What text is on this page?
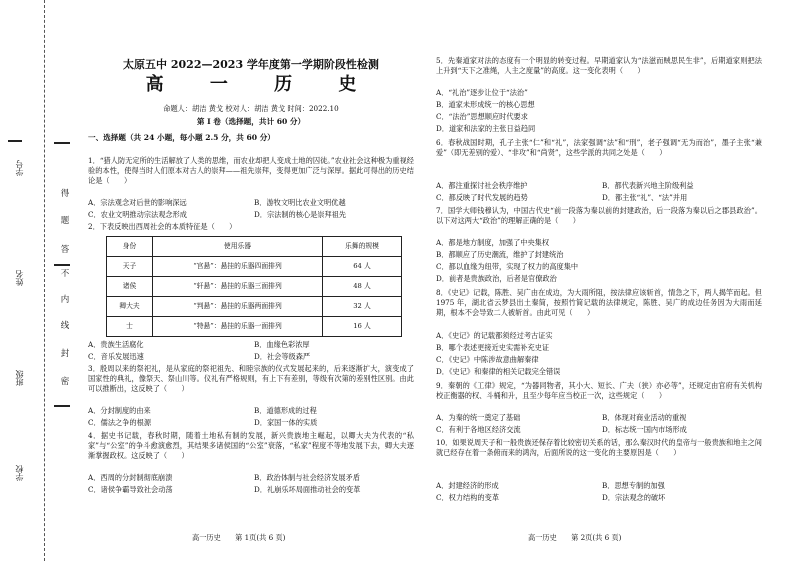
学号
姓名
班级
学校
题
答
不
内
线
封
密
得
太原五中 2022—2023 学年度第一学期阶段性检测
高 一 历 史
命题人：胡洁 黄戈 校对人：胡洁 黄戈 时间：2022.10
第 I 卷（选择题，共计 60 分）
一、选择题（共 24 小题，每小题 2.5 分，共 60 分）
1．“猎人防无定所的生活解放了人类的思维，而农业却把人变成土地的囚徒。”农业社会这种极为重视经验的本性，使得当时人们原本对古人的崇拜——祖先崇拜，变得更加广泛与深厚。据此可得出的历史结论是（　　）
A．宗法观念对后世的影响深远	B．游牧文明比农业文明优越
C．农业文明推动宗法观念形成	D．宗法制的核心是崇拜祖先
2．下表反映出西周社会的本质特征是（　　）
身份	使用乐器	乐舞的规模
天子	“宫悬”：悬挂的乐器四面排列	64 人
诸侯	“轩悬”：悬挂的乐器三面排列	48 人
卿大夫	“判悬”：悬挂的乐器两面排列	32 人
士	“特悬”：悬挂的乐器一面排列	16 人
A．贵族生活腐化	B．血缘色彩浓厚
C．音乐发展迅速	D．社会等级森严
3．殷周以来的祭祀礼，是从家庭的祭祀祖先、和睦宗族的仪式发展起来的，后来逐渐扩大，演变成了国家性的典礼，像祭天、祭山川等。仪礼有严格规则，有上下有差别，等级有次第的差别性区别。由此可以推断出，这反映了（　　）
A．分封制度的由来	B．道德形成的过程
C．儒法之争的根源	D．家国一体的实质
4．据史书记载，春秋时期，随着土地私有制的发展，新兴贵族地主崛起，以卿大夫为代表的“私家”与“公室”的争斗愈演愈烈，其结果多诸侯国的“公室”衰落，“私家”程度不等地发展下去，卿大夫逐渐掌握政权。这反映了（　　）
A．西周的分封制彻底崩溃	B．政治体制与社会经济发展矛盾
C．诸侯争霸导致社会动荡	D．礼崩乐坏局面推动社会的变革
高一历史　　第 1页(共 6 页)
5．先秦道家对法的态度有一个明显的转变过程。早期道家认为“法滋而贼思民生非”，后期道家则把法上升到“天下之准绳，人主之度量”的高度。这一变化表明（　　）
A．“礼治”逐步让位于“法治”
B．道家未形成统一的核心思想
C．“法治”思想顺应时代要求
D．道家和法家的主张日益趋同
6．春秋战国时期，孔子主张“仁”和“礼”，法家强调“法”和“刑”，老子强调“无为而治”，墨子主张“兼爱”（即无差别的爱）、“非攻”和“尚贤”，这些学派的共同之处是（　　）
A．都注重探讨社会秩序维护	B．都代表新兴地主阶级利益
C．都反映了时代发展的趋势	D．都主张“礼”、“法”并用
7．国学大师钱穆认为，中国古代史“前一段落为秦以前的封建政治，后一段落为秦以后之郡县政治”。以下对这两大“政治”的理解正确的是（　　）
A．都是地方制度，加强了中央集权
B．都顺应了历史潮流，维护了封建统治
C．都以血缘为纽带，实现了权力的高度集中
D．前者是贵族政治，后者是官僚政治
8．《史记》记载，陈胜、吴广由在成边，为大雨所阻，按法律应该斩首，情急之下，两人揭竿而起。但 1975 年，湖北省云梦县出土秦简，按照竹简记载的法律规定，陈胜、吴广的成边任务因为大雨而延期，根本不会导致二人被斩首。由此可见（　　）
A．《史记》的记载都须经过考古证实
B．哪个表述更接近史实需补充史证
C．《史记》中陈涉故意曲解秦律
D．《史记》和秦律的相关记载完全错误
9．秦朝的《工律》规定，“为器同物者，其小大、短长、广夫（狭）亦必等”，还规定由官府有关机构校正衡器的权、斗桶和升，且至少每年应当校正一次，这些规定（　　）
A．为秦的统一奠定了基础	B．体现对商业活动的重视
C．有利于各地区经济交流	D．标志统一国内市场形成
10．如果说周天子和一般贵族还保存着比较密切关系的话，那么秦汉时代的皇帝与一般贵族和地主之间就已经存在着一条俯而来的鸿沟，后面所说的这一变化的主要原因是（　　）
A．封建经济的形成	B．思想专制的加强
C．权力结构的变革	D．宗法观念的破坏
高一历史　　第 2页(共 6 页)
